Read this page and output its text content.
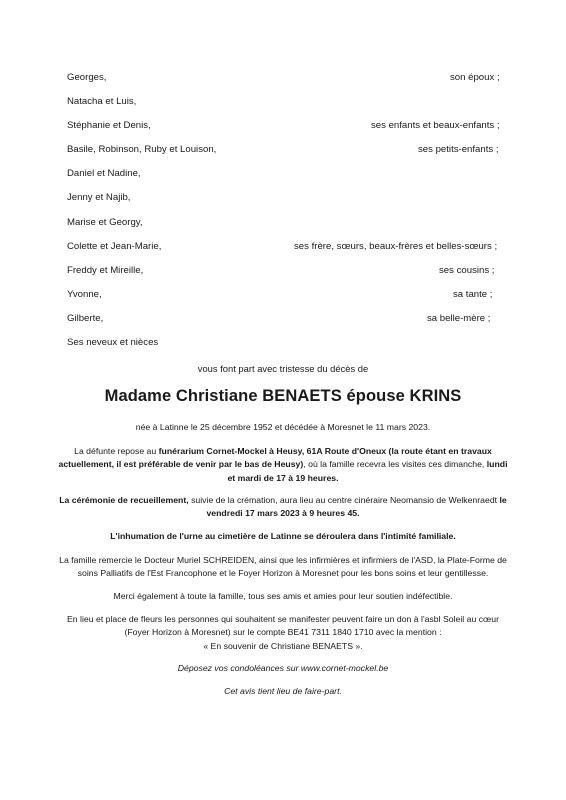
Georges,	son époux ;
Natacha et Luis,
Stéphanie et Denis,	ses enfants et beaux-enfants ;
Basile, Robinson, Ruby et Louison,	ses petits-enfants ;
Daniel et Nadine,
Jenny et Najib,
Marise et Georgy,
Colette et Jean-Marie,	ses frère, sœurs, beaux-frères et belles-sœurs ;
Freddy et Mireille,	ses cousins ;
Yvonne,	sa tante ;
Gilberte,	sa belle-mère ;
Ses neveux et nièces
vous font part avec tristesse du décès de
Madame Christiane BENAETS épouse KRINS
née à Latinne le 25 décembre 1952 et décédée à Moresnet le 11 mars 2023.
La défunte repose au funérarium Cornet-Mockel à Heusy, 61A Route d'Oneux (la route étant en travaux actuellement, il est préférable de venir par le bas de Heusy), où la famille recevra les visites ces dimanche, lundi et mardi de 17 à 19 heures.
La cérémonie de recueillement, suivie de la crémation, aura lieu au centre cinéraire Neomansio de Welkenraedt le vendredi 17 mars 2023 à 9 heures 45.
L'inhumation de l'urne au cimetière de Latinne se déroulera dans l'intimité familiale.
La famille remercie le Docteur Muriel SCHREIDEN, ainsi que les infirmières et infirmiers de l'ASD, la Plate-Forme de soins Palliatifs de l'Est Francophone et le Foyer Horizon à Moresnet pour les bons soins et leur gentillesse.
Merci également à toute la famille, tous ses amis et amies pour leur soutien indéfectible.
En lieu et place de fleurs les personnes qui souhaitent se manifester peuvent faire un don à l'asbl Soleil au cœur (Foyer Horizon à Moresnet) sur le compte BE41 7311 1840 1710 avec la mention :
« En souvenir de Christiane BENAETS ».
Déposez vos condoléances sur www.cornet-mockel.be
Cet avis tient lieu de faire-part.
